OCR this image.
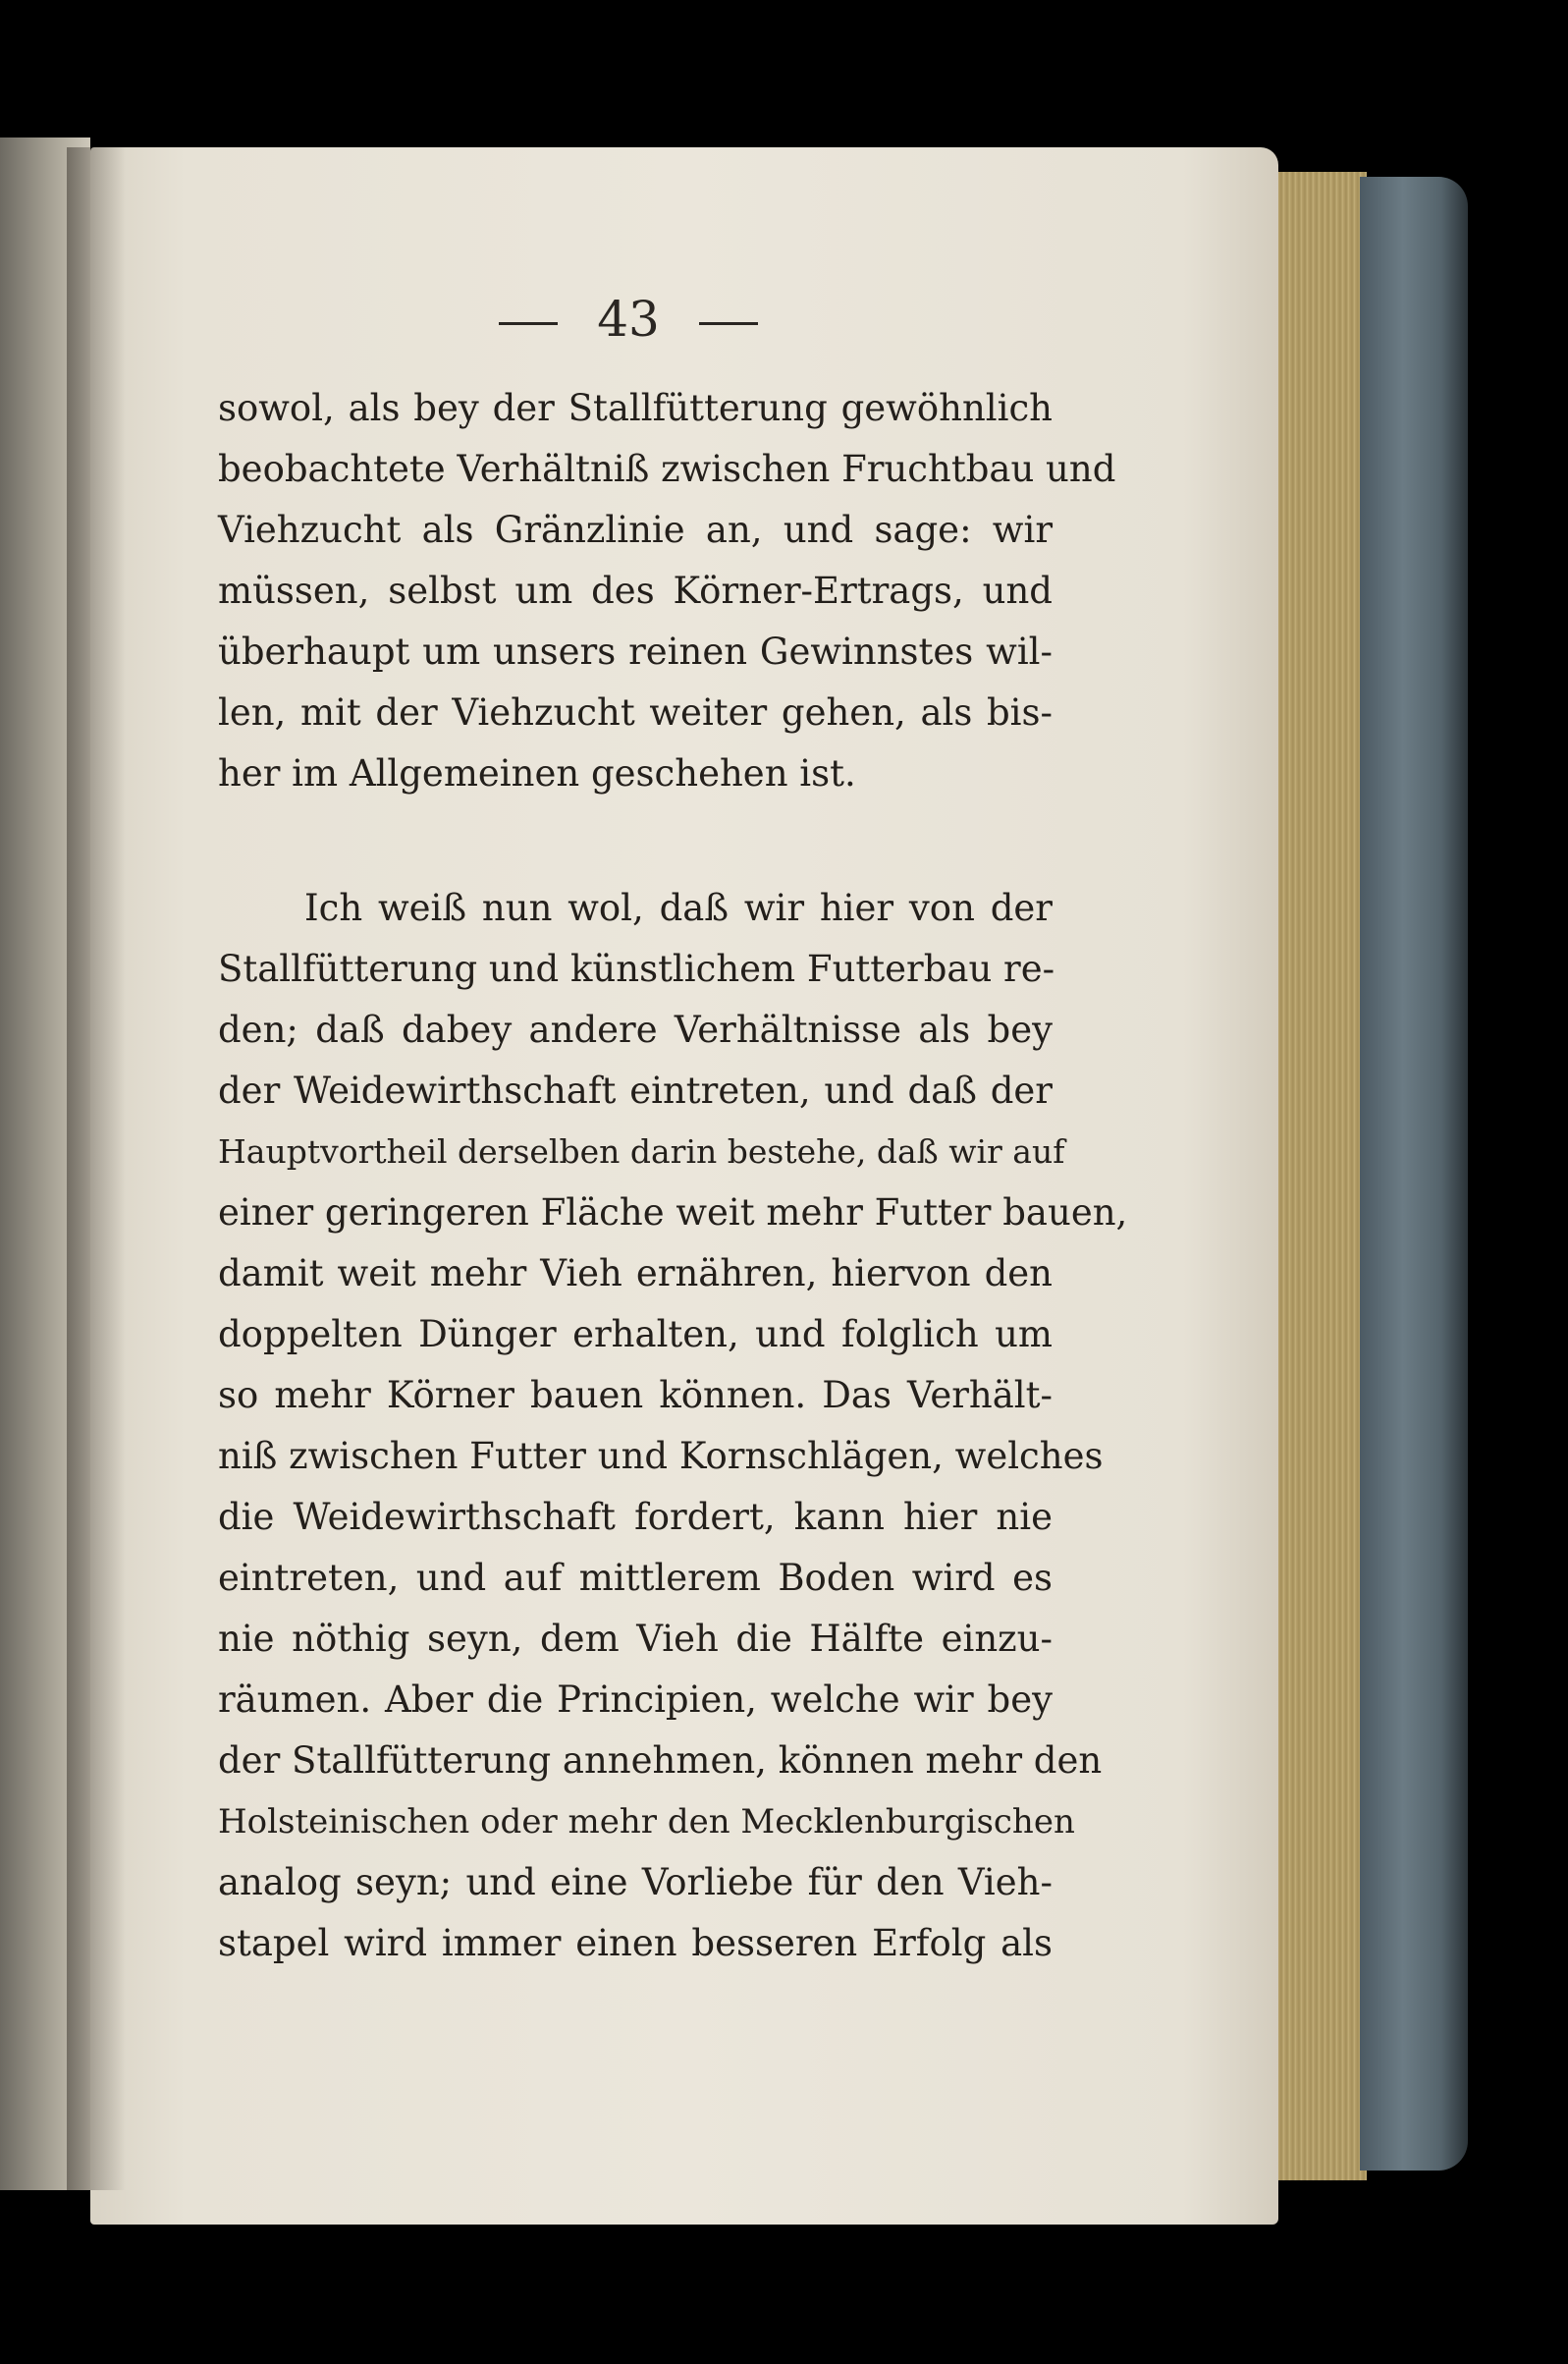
43
sowol, als bey der Stallfütterung gewöhnlich
beobachtete Verhältniß zwischen Fruchtbau und
Viehzucht als Gränzlinie an, und sage: wir
müssen, selbst um des Körner-Ertrags, und
überhaupt um unsers reinen Gewinnstes wil-
len, mit der Viehzucht weiter gehen, als bis-
her im Allgemeinen geschehen ist.
Ich weiß nun wol, daß wir hier von der
Stallfütterung und künstlichem Futterbau re-
den; daß dabey andere Verhältnisse als bey
der Weidewirthschaft eintreten, und daß der
Hauptvortheil derselben darin bestehe, daß wir auf
einer geringeren Fläche weit mehr Futter bauen,
damit weit mehr Vieh ernähren, hiervon den
doppelten Dünger erhalten, und folglich um
so mehr Körner bauen können. Das Verhält-
niß zwischen Futter und Kornschlägen, welches
die Weidewirthschaft fordert, kann hier nie
eintreten, und auf mittlerem Boden wird es
nie nöthig seyn, dem Vieh die Hälfte einzu-
räumen. Aber die Principien, welche wir bey
der Stallfütterung annehmen, können mehr den
Holsteinischen oder mehr den Mecklenburgischen
analog seyn; und eine Vorliebe für den Vieh-
stapel wird immer einen besseren Erfolg als
